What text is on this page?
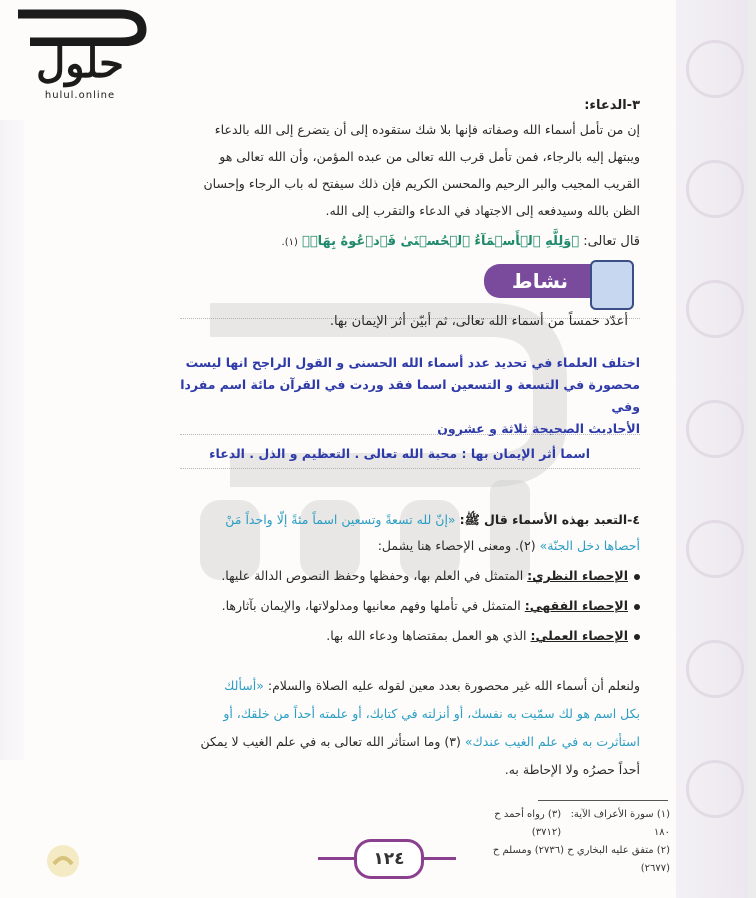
حلول
hulul.online
٣-الدعاء:
إن من تأمل أسماء الله وصفاته فإنها بلا شك ستقوده إلى أن يتضرع إلى الله بالدعاء
ويبتهل إليه بالرجاء، فمن تأمل قرب الله تعالى من عبده المؤمن، وأن الله تعالى هو
القريب المجيب والبر الرحيم والمحسن الكريم فإن ذلك سيفتح له باب الرجاء وإحسان
الظن بالله وسيدفعه إلى الاجتهاد في الدعاء والتقرب إلى الله.
قال تعالى: ﴿وَلِلَّهِ ٱلۡأَسۡمَآءُ ٱلۡحُسۡنَىٰ فَٱدۡعُوهُ بِهَاۖ﴾ (١).
نشاط
أعدّد خمساً من أسماء الله تعالى، ثم أبيّن أثر الإيمان بها.
اختلف العلماء في تحديد عدد أسماء الله الحسنى و القول الراجح انها ليست
محصورة في التسعة و التسعين اسما فقد وردت في القرآن مائة اسم مفردا وفي
الأحاديث الصحيحة ثلاثة و عشرون
اسما أثر الإيمان بها : محبة الله تعالى . التعظيم و الذل . الدعاء
٤-التعبد بهذه الأسماء قال ﷺ: «إنّ لله تسعةً وتسعين اسماً مئةً إلّا واحداً مَنْ
أحصاها دخل الجنّة» (٢). ومعنى الإحصاء هنا يشمل:
الإحصاء النظري: المتمثل في العلم بها، وحفظها وحفظ النصوص الدالة عليها.
الإحصاء الفقهي: المتمثل في تأملها وفهم معانيها ومدلولاتها، والإيمان بآثارها.
الإحصاء العملي: الذي هو العمل بمقتضاها ودعاء الله بها.
ولنعلم أن أسماء الله غير محصورة بعدد معين لقوله عليه الصلاة والسلام: «أسألك
بكل اسم هو لك سمّيت به نفسك، أو أنزلته في كتابك، أو علمته أحداً من خلقك، أو
استأثرت به في علم الغيب عندك» (٣) وما استأثر الله تعالى به في علم الغيب لا يمكن
أحداً حصرُه ولا الإحاطة به.
(١) سورة الأعراف الآية: ١٨٠
(٣) رواه أحمد ح (٣٧١٢)
(٢) متفق عليه البخاري ح (٢٧٣٦) ومسلم ح (٢٦٧٧)
١٢٤
